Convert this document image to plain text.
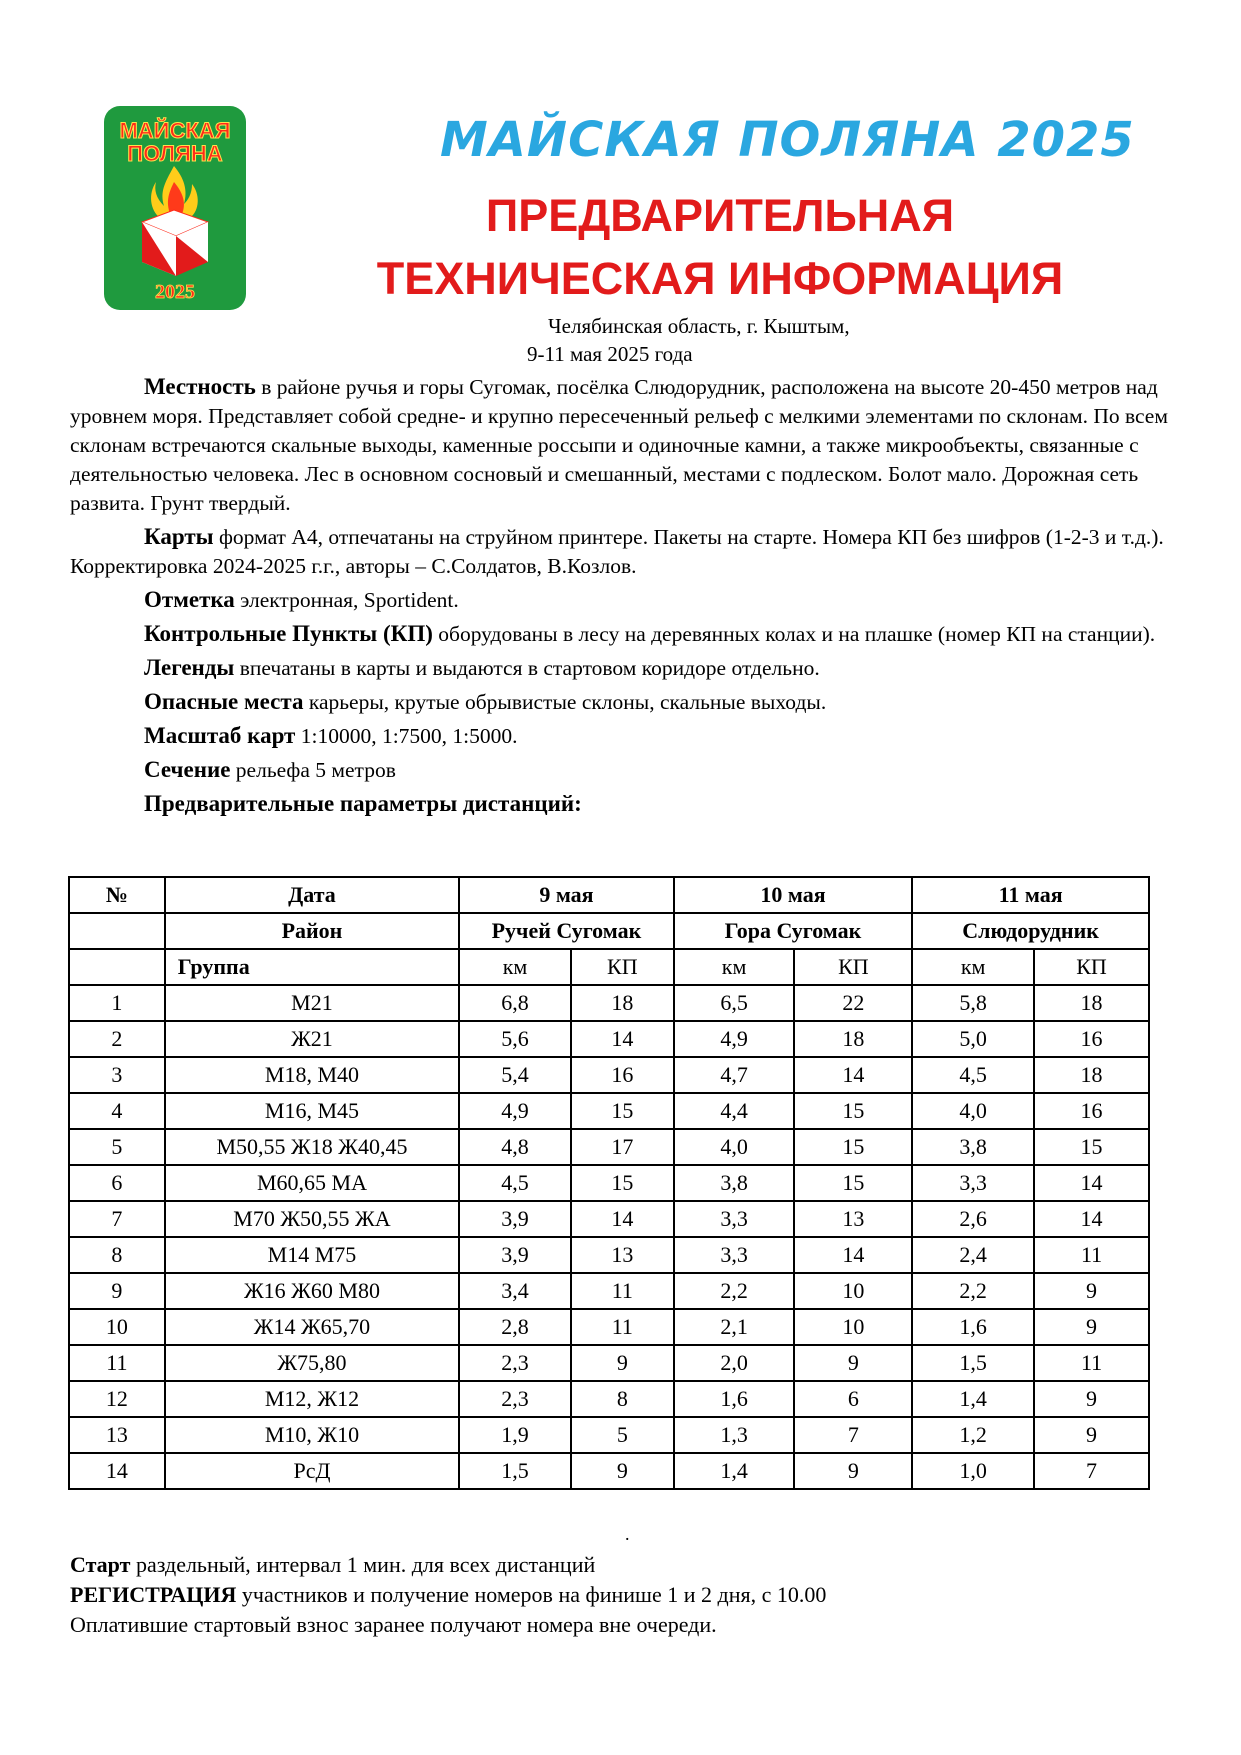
МАЙСКАЯ
ПОЛЯНА
2025
МАЙСКАЯ ПОЛЯНА 2025
ПРЕДВАРИТЕЛЬНАЯ
ТЕХНИЧЕСКАЯ ИНФОРМАЦИЯ
Челябинская область, г. Кыштым,
9-11 мая 2025 года

Местность в районе ручья и горы Сугомак, посёлка Слюдорудник, расположена на высоте 20-450 метров над уровнем моря. Представляет собой средне- и крупно пересеченный рельеф с мелкими элементами по склонам. По всем склонам встречаются скальные выходы, каменные россыпи и одиночные камни, а также микрообъекты, связанные с деятельностью человека. Лес в основном сосновый и смешанный, местами с подлеском. Болот мало. Дорожная сеть развита. Грунт твердый.

Карты формат А4, отпечатаны на струйном принтере. Пакеты на старте. Номера КП без шифров (1-2-3 и т.д.). Корректировка 2024-2025 г.г., авторы – С.Солдатов, В.Козлов.

Отметка электронная, Sportident.

Контрольные Пункты (КП) оборудованы в лесу на деревянных колах и на плашке (номер КП на станции).

Легенды впечатаны в карты и выдаются в стартовом коридоре отдельно.

Опасные места карьеры, крутые обрывистые склоны, скальные выходы.

Масштаб карт 1:10000, 1:7500, 1:5000.

Сечение рельефа 5 метров

Предварительные параметры дистанций:

№	Дата	9 мая		10 мая		11 мая	
	Район	Ручей Сугомак		Гора Сугомак		Слюдорудник	
	Группа	км	КП	км	КП	км	КП
1	М21	6,8	18	6,5	22	5,8	18
2	Ж21	5,6	14	4,9	18	5,0	16
3	М18, М40	5,4	16	4,7	14	4,5	18
4	М16, М45	4,9	15	4,4	15	4,0	16
5	М50,55 Ж18 Ж40,45	4,8	17	4,0	15	3,8	15
6	М60,65 МА	4,5	15	3,8	15	3,3	14
7	М70 Ж50,55 ЖА	3,9	14	3,3	13	2,6	14
8	М14 М75	3,9	13	3,3	14	2,4	11
9	Ж16 Ж60 М80	3,4	11	2,2	10	2,2	9
10	Ж14 Ж65,70	2,8	11	2,1	10	1,6	9
11	Ж75,80	2,3	9	2,0	9	1,5	11
12	М12, Ж12	2,3	8	1,6	6	1,4	9
13	М10, Ж10	1,9	5	1,3	7	1,2	9
14	РсД	1,5	9	1,4	9	1,0	7
.
Старт раздельный, интервал 1 мин. для всех дистанций
РЕГИСТРАЦИЯ участников и получение номеров на финише 1 и 2 дня, с 10.00
Оплатившие стартовый взнос заранее получают номера вне очереди.
